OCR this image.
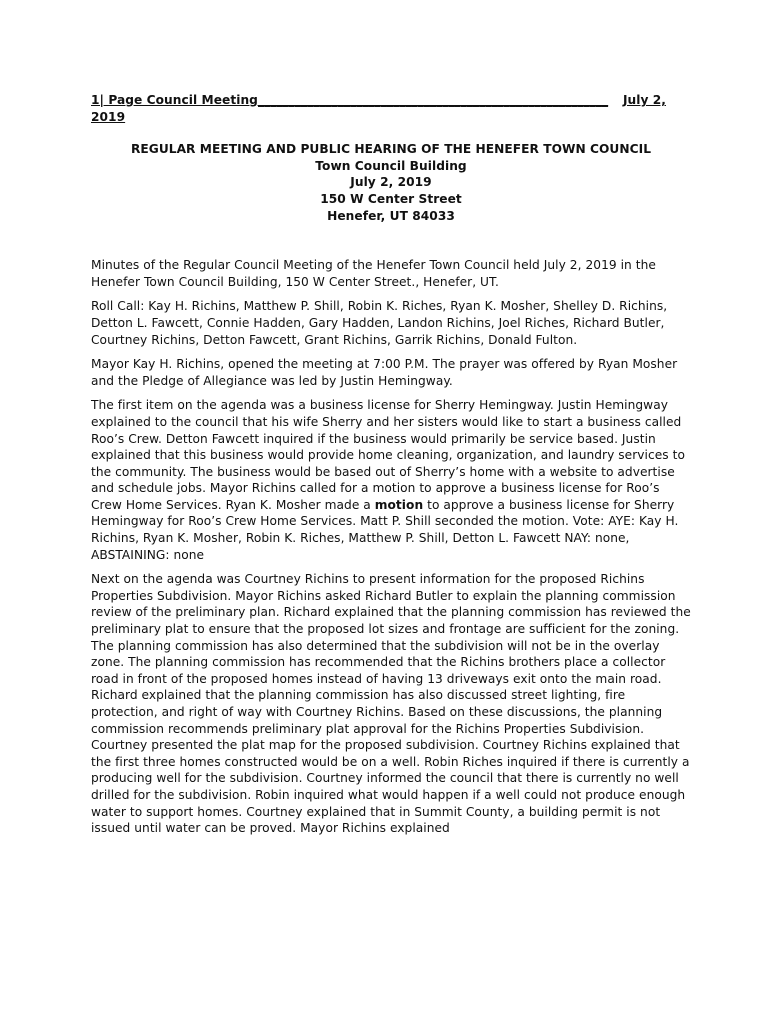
1| Page Council Meeting _________________________________________________________	July 2,
2019
REGULAR MEETING AND PUBLIC HEARING OF THE HENEFER TOWN COUNCIL
Town Council Building
July 2, 2019
150 W Center Street
Henefer, UT 84033

Minutes of the Regular Council Meeting of the Henefer Town Council held July 2, 2019 in the Henefer Town Council Building, 150 W Center Street., Henefer, UT.

Roll Call: Kay H. Richins, Matthew P. Shill, Robin K. Riches, Ryan K. Mosher, Shelley D. Richins, Detton L. Fawcett, Connie Hadden, Gary Hadden, Landon Richins, Joel Riches, Richard Butler, Courtney Richins, Detton Fawcett, Grant Richins, Garrik Richins, Donald Fulton.

Mayor Kay H. Richins, opened the meeting at 7:00 P.M. The prayer was offered by Ryan Mosher and the Pledge of Allegiance was led by Justin Hemingway.

The first item on the agenda was a business license for Sherry Hemingway. Justin Hemingway explained to the council that his wife Sherry and her sisters would like to start a business called Roo’s Crew. Detton Fawcett inquired if the business would primarily be service based. Justin explained that this business would provide home cleaning, organization, and laundry services to the community. The business would be based out of Sherry’s home with a website to advertise and schedule jobs. Mayor Richins called for a motion to approve a business license for Roo’s Crew Home Services. Ryan K. Mosher made a motion to approve a business license for Sherry Hemingway for Roo’s Crew Home Services. Matt P. Shill seconded the motion. Vote: AYE: Kay H. Richins, Ryan K. Mosher, Robin K. Riches, Matthew P. Shill, Detton L. Fawcett NAY: none, ABSTAINING: none

Next on the agenda was Courtney Richins to present information for the proposed Richins Properties Subdivision. Mayor Richins asked Richard Butler to explain the planning commission review of the preliminary plan. Richard explained that the planning commission has reviewed the preliminary plat to ensure that the proposed lot sizes and frontage are sufficient for the zoning. The planning commission has also determined that the subdivision will not be in the overlay zone. The planning commission has recommended that the Richins brothers place a collector road in front of the proposed homes instead of having 13 driveways exit onto the main road. Richard explained that the planning commission has also discussed street lighting, fire protection, and right of way with Courtney Richins. Based on these discussions, the planning commission recommends preliminary plat approval for the Richins Properties Subdivision. Courtney presented the plat map for the proposed subdivision. Courtney Richins explained that the first three homes constructed would be on a well. Robin Riches inquired if there is currently a producing well for the subdivision. Courtney informed the council that there is currently no well drilled for the subdivision. Robin inquired what would happen if a well could not produce enough water to support homes. Courtney explained that in Summit County, a building permit is not issued until water can be proved. Mayor Richins explained
